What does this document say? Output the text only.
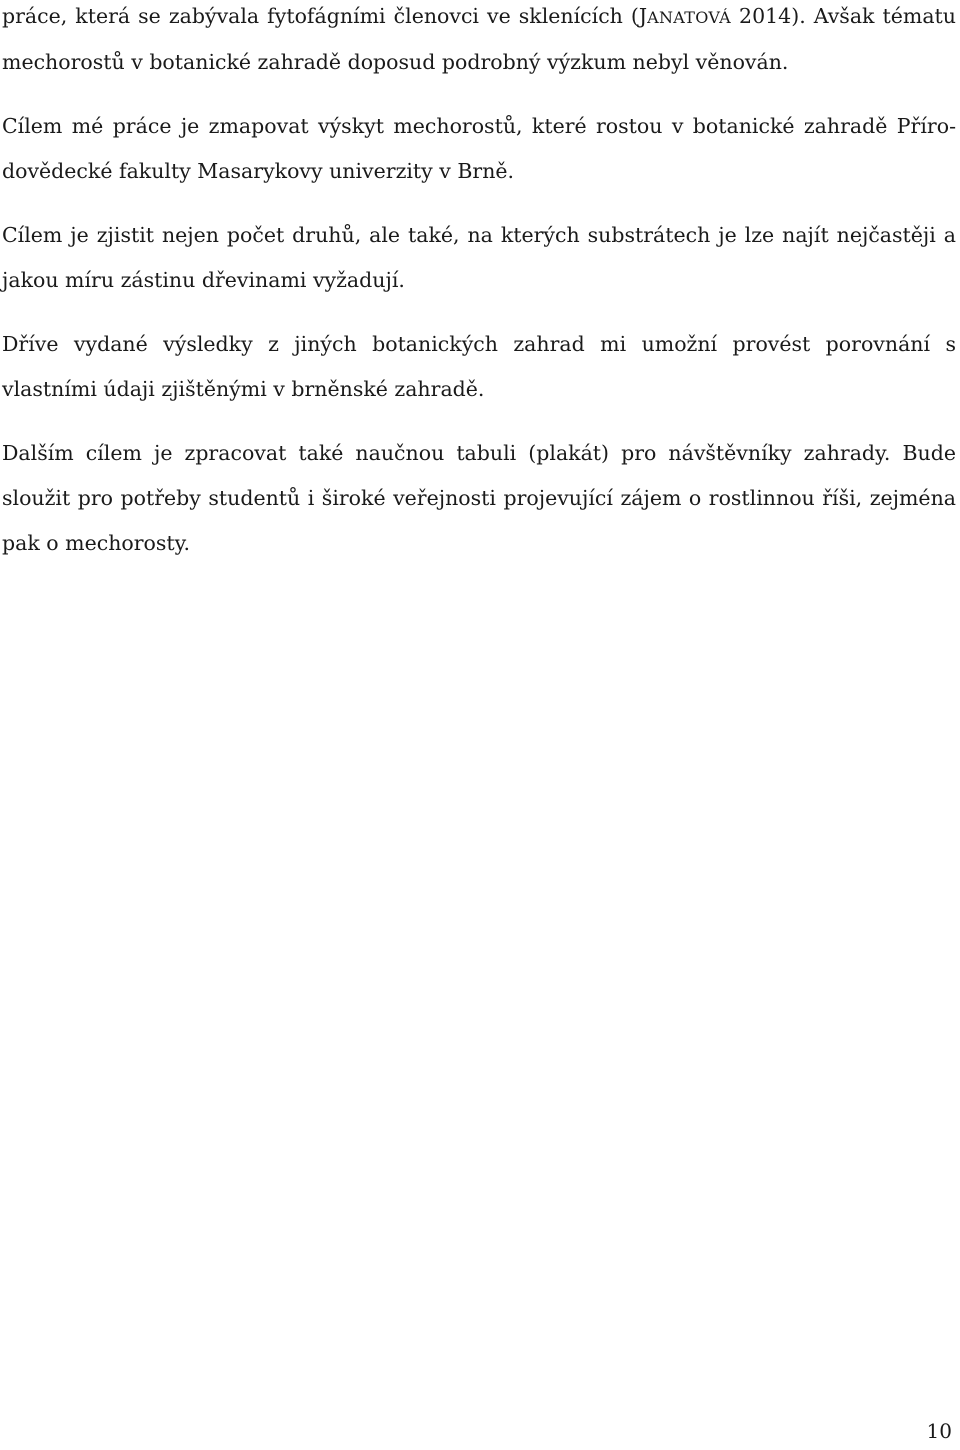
práce, která se zabývala fytofágními členovci ve sklenících (JANATOVÁ 2014). Avšak tématu mechorostů v botanické zahradě doposud podrobný výzkum nebyl věnován.

Cílem mé práce je zmapovat výskyt mechorostů, které rostou v botanické zahradě Přírodovědecké fakulty Masarykovy univerzity v Brně.

Cílem je zjistit nejen počet druhů, ale také, na kterých substrátech je lze najít nejčastěji a jakou míru zástinu dřevinami vyžadují.

Dříve vydané výsledky z jiných botanických zahrad mi umožní provést porovnání s vlastními údaji zjištěnými v brněnské zahradě.

Dalším cílem je zpracovat také naučnou tabuli (plakát) pro návštěvníky zahrady. Bude sloužit pro potřeby studentů i široké veřejnosti projevující zájem o rostlinnou říši, zejména pak o mechorosty.

10
